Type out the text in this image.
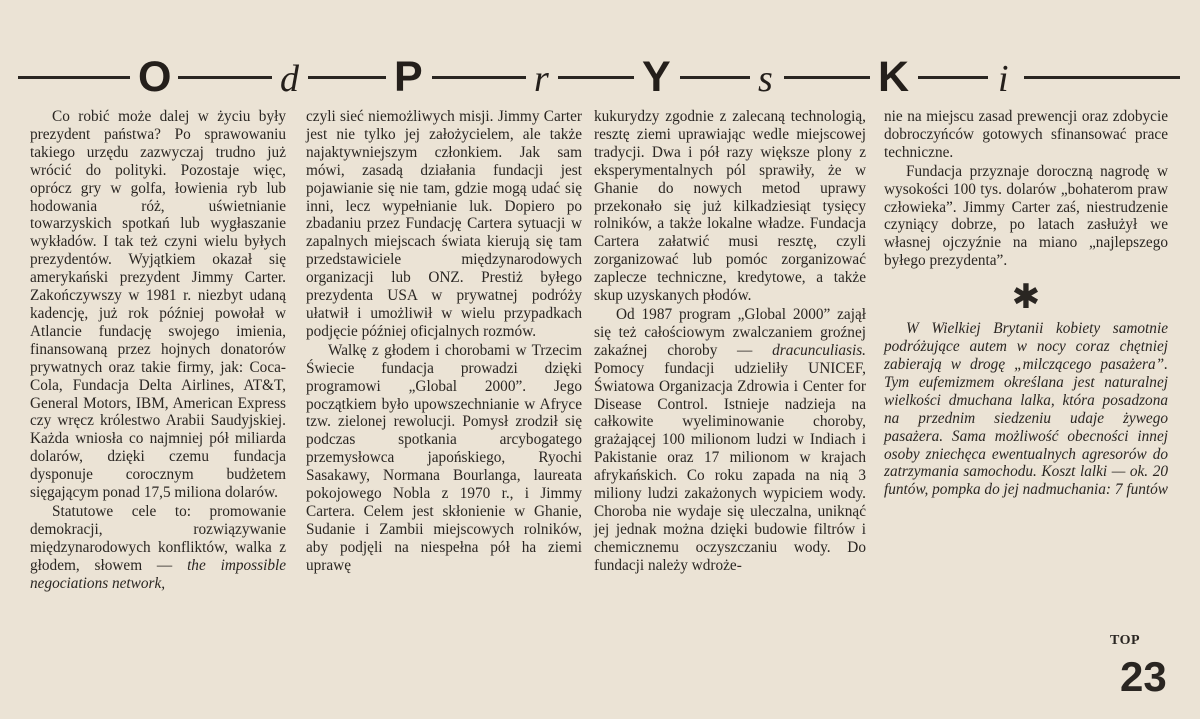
O	d P	r Y s K i

Co robić może dalej w życiu były prezydent państwa? Po sprawowaniu takiego urzędu zazwyczaj trudno już wrócić do polityki. Pozostaje więc, oprócz gry w golfa, łowienia ryb lub hodowania róż, uświetnianie towarzyskich spotkań lub wygłaszanie wykładów. I tak też czyni wielu byłych prezydentów. Wyjątkiem okazał się amerykański prezydent Jimmy Carter. Zakończywszy w 1981 r. niezbyt udaną kadencję, już rok później powołał w Atlancie fundację swojego imienia, finansowaną przez hojnych donatorów prywatnych oraz takie firmy, jak: Coca-Cola, Fundacja Delta Airlines, AT&T, General Motors, IBM, American Express czy wręcz królestwo Arabii Saudyjskiej. Każda wniosła co najmniej pół miliarda dolarów, dzięki czemu fundacja dysponuje corocznym budżetem sięgającym ponad 17,5 miliona dolarów.

Statutowe cele to: promowanie demokracji, rozwiązywanie międzynarodowych konfliktów, walka z głodem, słowem — the impossible negociations network,

czyli sieć niemożliwych misji. Jimmy Carter jest nie tylko jej założycielem, ale także najaktywniejszym członkiem. Jak sam mówi, zasadą działania fundacji jest pojawianie się nie tam, gdzie mogą udać się inni, lecz wypełnianie luk. Dopiero po zbadaniu przez Fundację Cartera sytuacji w zapalnych miejscach świata kierują się tam przedstawiciele międzynarodowych organizacji lub ONZ. Prestiż byłego prezydenta USA w prywatnej podróży ułatwił i umożliwił w wielu przypadkach podjęcie później oficjalnych rozmów.

Walkę z głodem i chorobami w Trzecim Świecie fundacja prowadzi dzięki programowi „Global 2000”. Jego początkiem było upowszechnianie w Afryce tzw. zielonej rewolucji. Pomysł zrodził się podczas spotkania arcybogatego przemysłowca japońskiego, Ryochi Sasakawy, Normana Bourlanga, laureata pokojowego Nobla z 1970 r., i Jimmy Cartera. Celem jest skłonienie w Ghanie, Sudanie i Zambii miejscowych rolników, aby podjęli na niespełna pół ha ziemi uprawę

kukurydzy zgodnie z zalecaną technologią, resztę ziemi uprawiając wedle miejscowej tradycji. Dwa i pół razy większe plony z eksperymentalnych pól sprawiły, że w Ghanie do nowych metod uprawy przekonało się już kilkadziesiąt tysięcy rolników, a także lokalne władze. Fundacja Cartera załatwić musi resztę, czyli zorganizować lub pomóc zorganizować zaplecze techniczne, kredytowe, a także skup uzyskanych płodów.

Od 1987 program „Global 2000” zajął się też całościowym zwalczaniem groźnej zakaźnej choroby — dracunculiasis. Pomocy fundacji udzieliły UNICEF, Światowa Organizacja Zdrowia i Center for Disease Control. Istnieje nadzieja na całkowite wyeliminowanie choroby, grażającej 100 milionom ludzi w Indiach i Pakistanie oraz 17 milionom w krajach afrykańskich. Co roku zapada na nią 3 miliony ludzi zakażonych wypiciem wody. Choroba nie wydaje się uleczalna, uniknąć jej jednak można dzięki budowie filtrów i chemicznemu oczyszczaniu wody. Do fundacji należy wdroże-

nie na miejscu zasad prewencji oraz zdobycie dobroczyńców gotowych sfinansować prace techniczne.

Fundacja przyznaje doroczną nagrodę w wysokości 100 tys. dolarów „bohaterom praw człowieka”. Jimmy Carter zaś, niestrudzenie czyniący dobrze, po latach zasłużył we własnej ojczyźnie na miano „najlepszego byłego prezydenta”.

✱

W Wielkiej Brytanii kobiety samotnie podróżujące autem w nocy coraz chętniej zabierają w drogę „milczącego pasażera”. Tym eufemizmem określana jest naturalnej wielkości dmuchana lalka, która posadzona na przednim siedzeniu udaje żywego pasażera. Sama możliwość obecności innej osoby zniechęca ewentualnych agresorów do zatrzymania samochodu. Koszt lalki — ok. 20 funtów, pompka do jej nadmuchania: 7 funtów

TOP
23
